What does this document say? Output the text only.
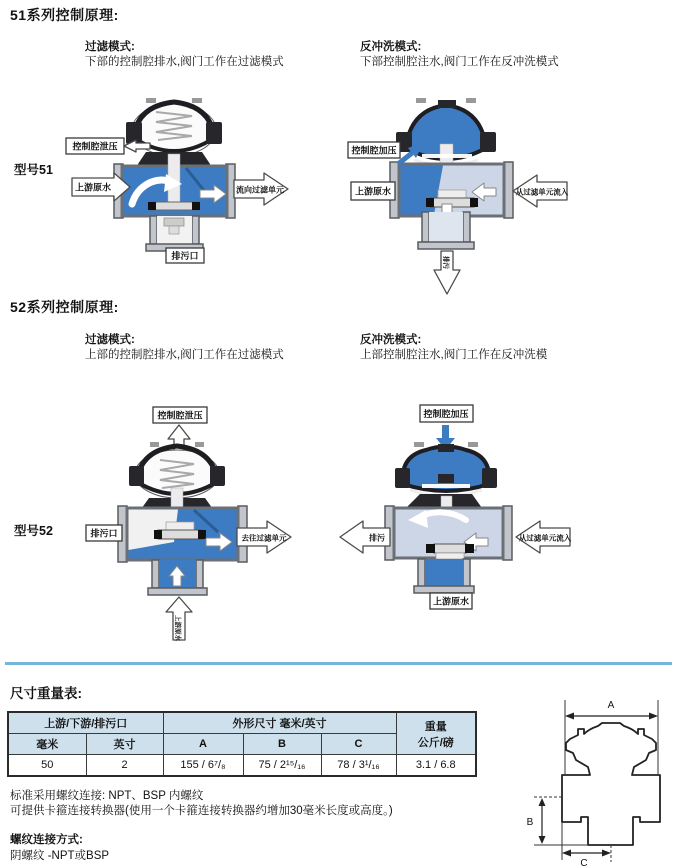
51系列控制原理:
过滤模式:
下部的控制腔排水,阀门工作在过滤模式
反冲洗模式:
下部控制腔注水,阀门工作在反冲洗模式
型号51
控制腔泄压
上游原水	流向过滤单元
排污口	排污
控制腔加压
上游原水	从过滤单元流入
52系列控制原理:
过滤模式:
上部的控制腔排水,阀门工作在过滤模式
反冲洗模式:
上部控制腔注水,阀门工作在反冲洗模
型号52
控制腔泄压
上游原水
排污口	去往过滤单元
控制腔加压
排污	从过滤单元流入
上游原水
尺寸重量表:
上游/下游/排污口		外形尺寸 毫米/英寸			重量
公斤/磅

毫米	英寸	A	B	C	
50	2	155 / 6⁷/₈	75 / 2¹⁵/₁₆	78 / 3¹/₁₆	3.1 / 6.8
标准采用螺纹连接: NPT、BSP 内螺纹
可提供卡箍连接转换器(使用一个卡箍连接转换器约增加30毫米长度或高度。)
螺纹连接方式:
阴螺纹 -NPT或BSP
A
B
C
